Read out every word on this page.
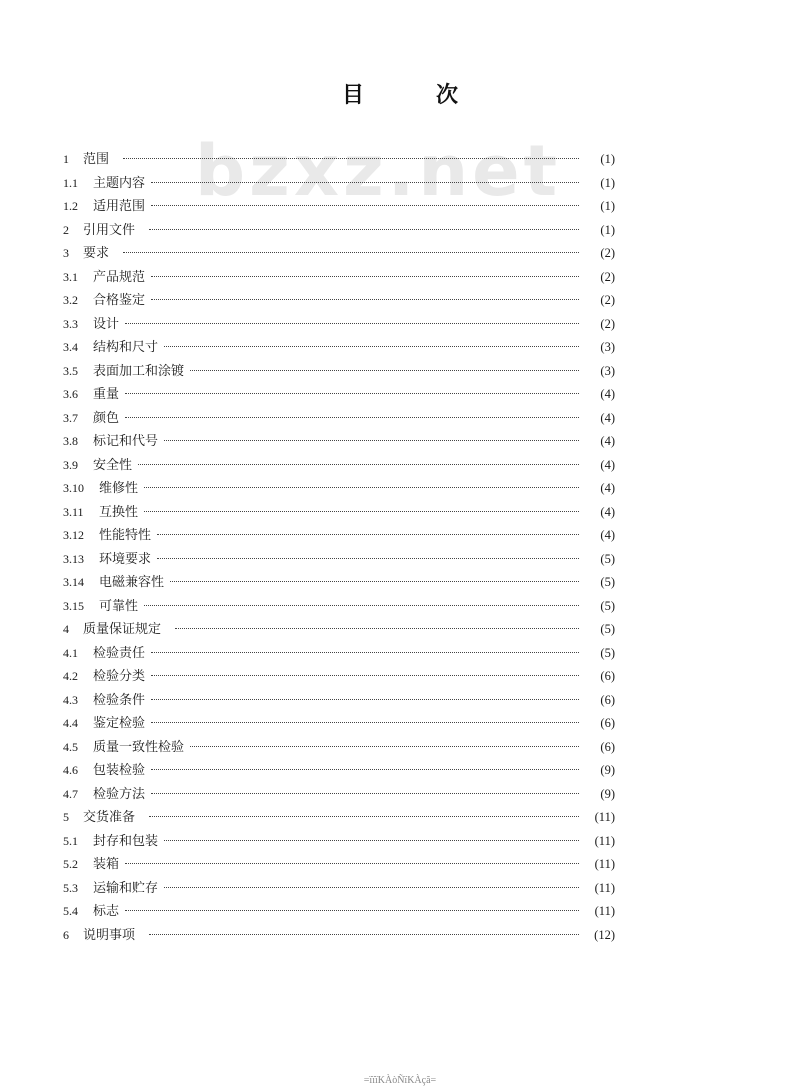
bzxz.net
目	次
1	范围	(1)
1.1	主题内容	(1)
1.2	适用范围	(1)
2	引用文件	(1)
3	要求	(2)
3.1	产品规范	(2)
3.2	合格鉴定	(2)
3.3	设计	(2)
3.4	结构和尺寸	(3)
3.5	表面加工和涂镀	(3)
3.6	重量	(4)
3.7	颜色	(4)
3.8	标记和代号	(4)
3.9	安全性	(4)
3.10	维修性	(4)
3.11	互换性	(4)
3.12	性能特性	(4)
3.13	环境要求	(5)
3.14	电磁兼容性	(5)
3.15	可靠性	(5)
4	质量保证规定	(5)
4.1	检验责任	(5)
4.2	检验分类	(6)
4.3	检验条件	(6)
4.4	鉴定检验	(6)
4.5	质量一致性检验	(6)
4.6	包装检验	(9)
4.7	检验方法	(9)
5	交货准备	(11)
5.1	封存和包装	(11)
5.2	装箱	(11)
5.3	运输和贮存	(11)
5.4	标志	(11)
6	说明事项	(12)
=ïïïKÀòÑïKÀçã=
